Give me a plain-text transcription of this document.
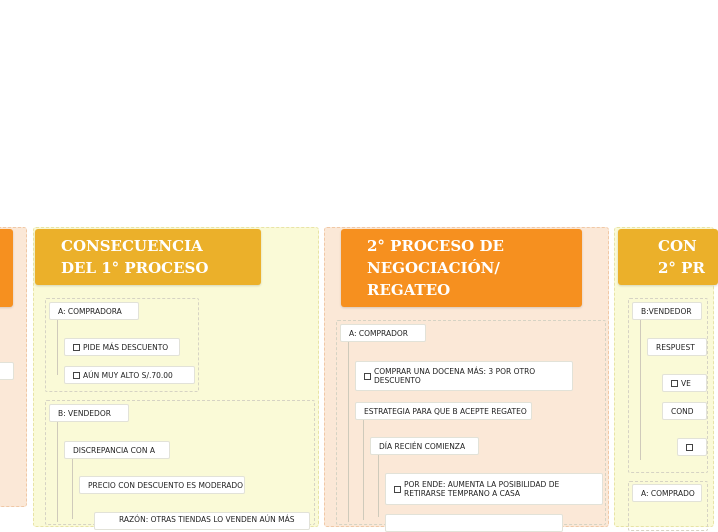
CONSECUENCIA
DEL 1° PROCESO
A: COMPRADORA
PIDE MÁS DESCUENTO
AÚN MUY ALTO S/.70.00
B: VENDEDOR
DISCREPANCIA CON A
PRECIO CON DESCUENTO ES MODERADO
RAZÓN: OTRAS TIENDAS LO VENDEN AÚN MÁS
2° PROCESO DE
NEGOCIACIÓN/
REGATEO
A: COMPRADOR
COMPRAR UNA DOCENA MÁS: 3 POR OTRO DESCUENTO
ESTRATEGIA PARA QUE B ACEPTE REGATEO
DÍA RECIÉN COMIENZA
POR ENDE: AUMENTA LA POSIBILIDAD DE RETIRARSE TEMPRANO A CASA
CON
2° PR
B:VENDEDOR
RESPUEST
VE
COND
A: COMPRADO
